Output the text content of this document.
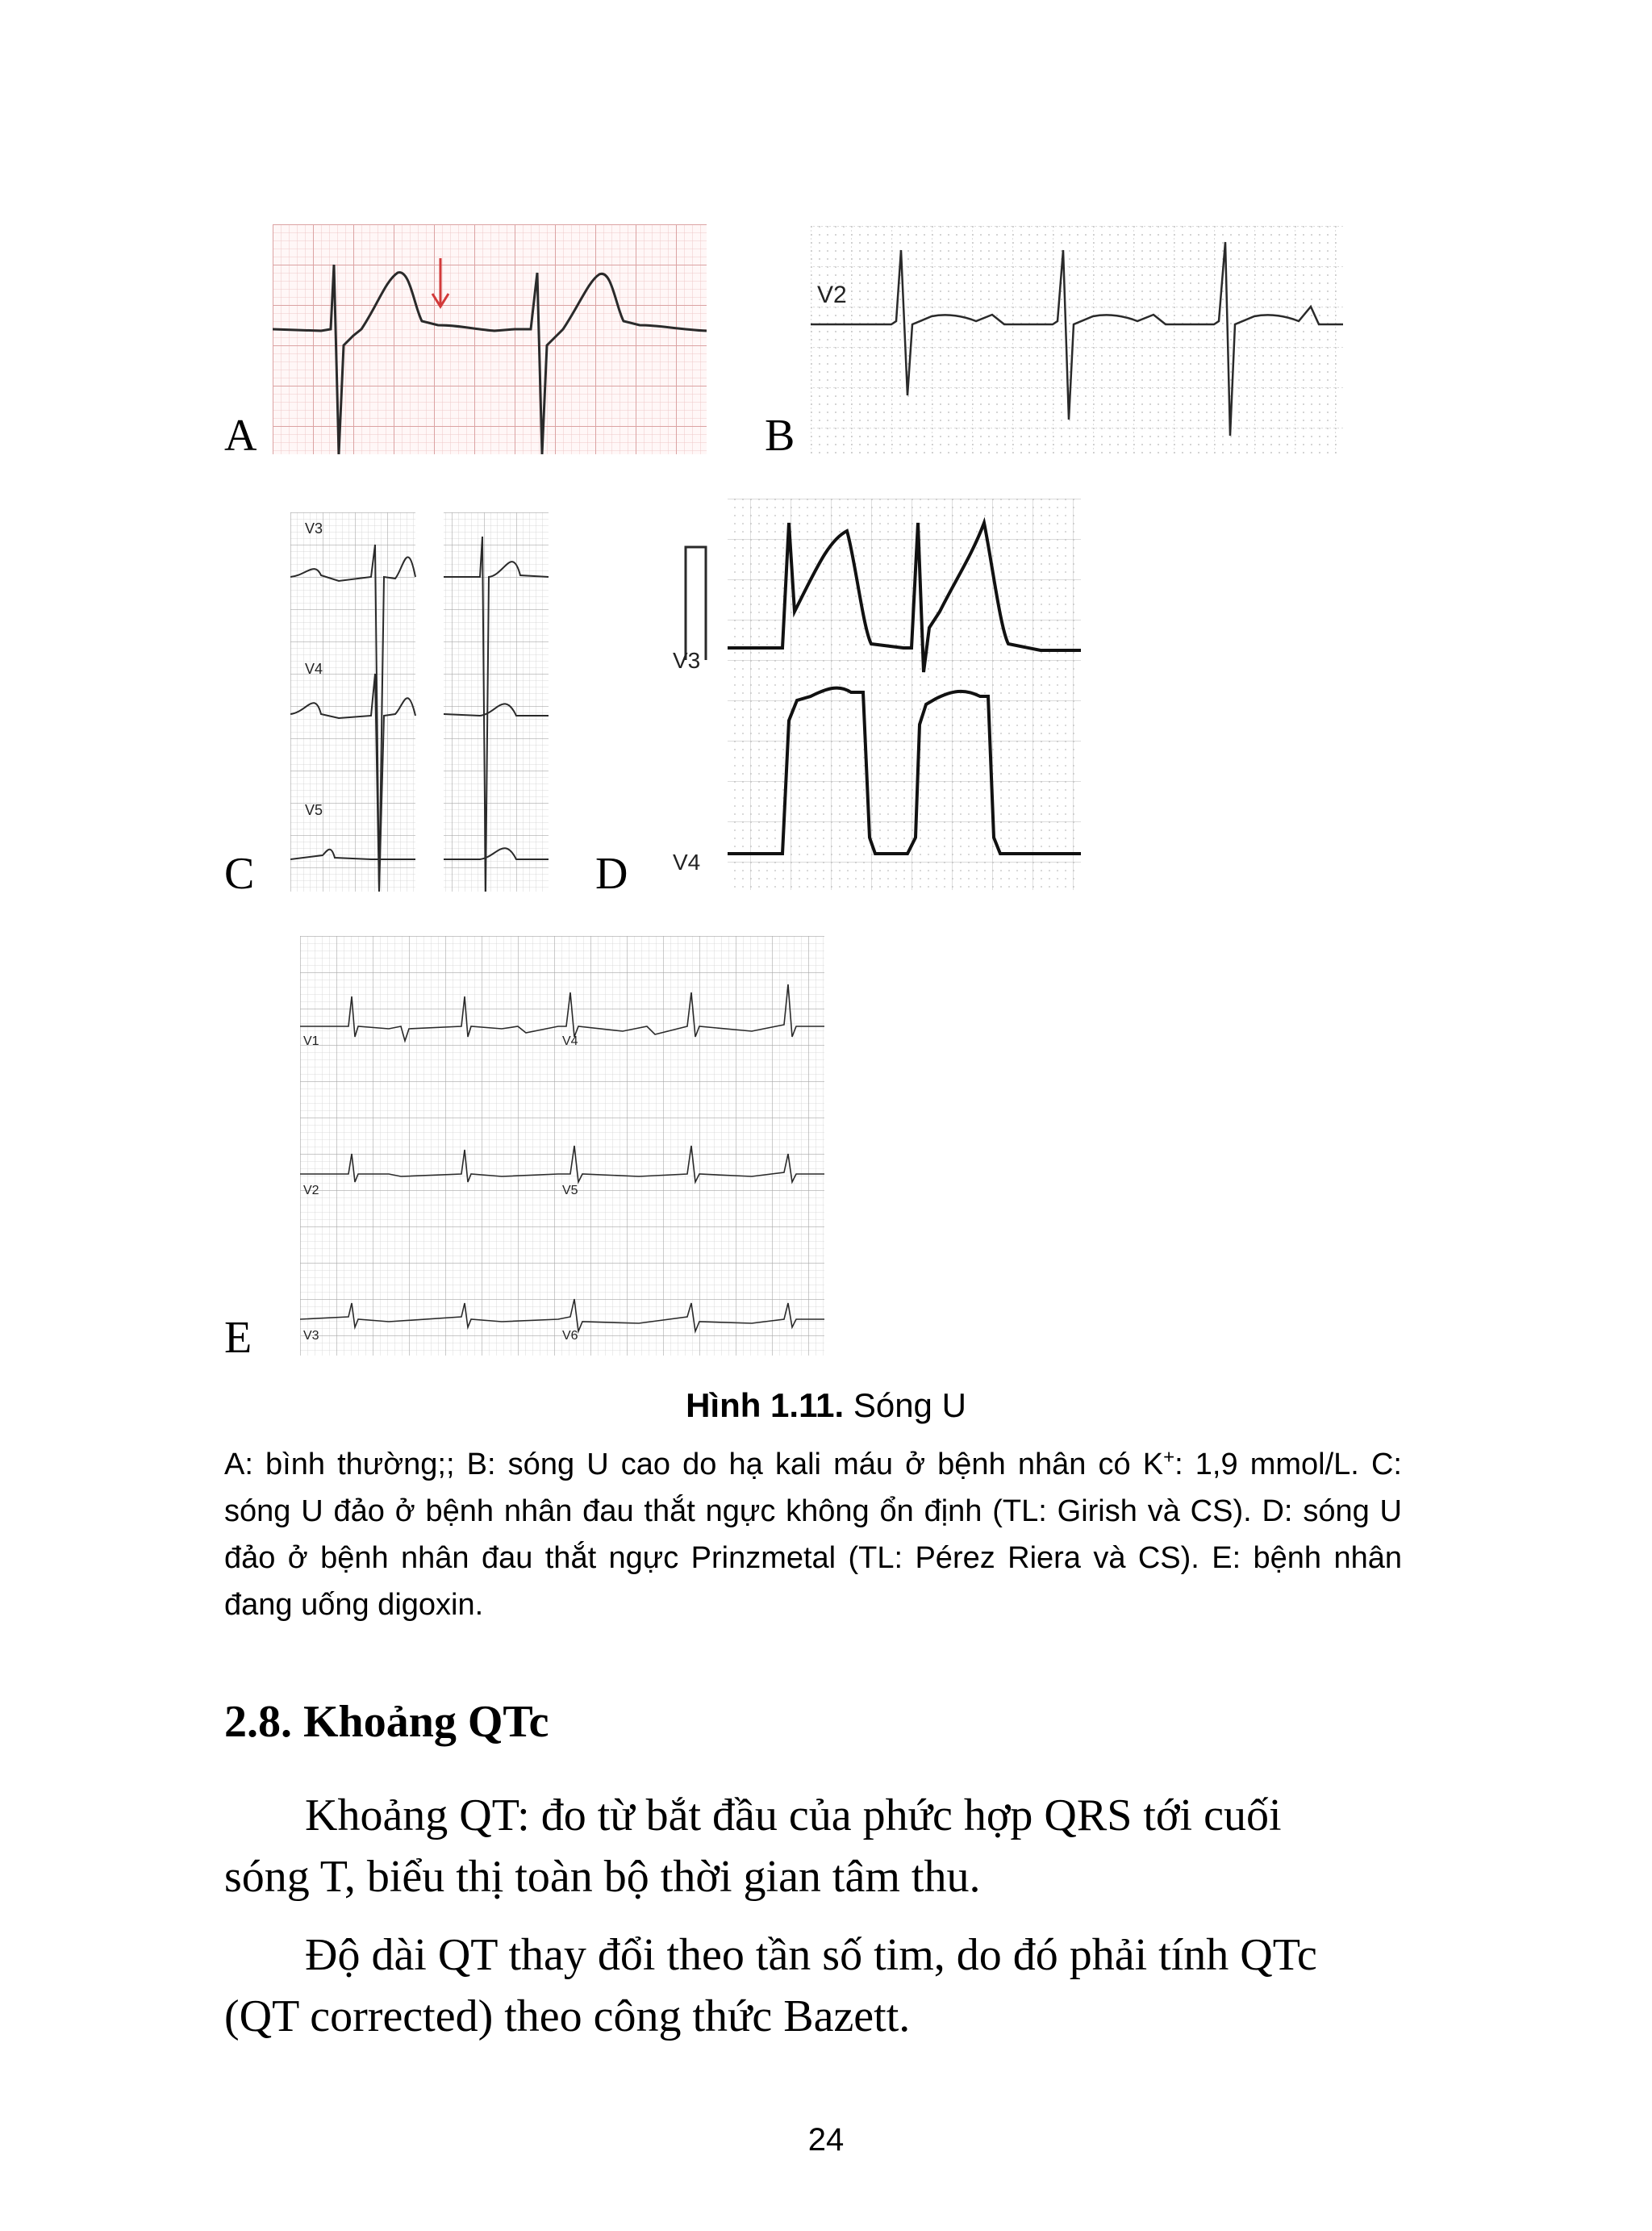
A	B
C	D
E
V2
V3
V4
V5
V3
V4
V1	V4
V2	V5
V3	V6
Hình 1.11. Sóng U
A: bình thường;; B: sóng U cao do hạ kali máu ở bệnh nhân có K+: 1,9 mmol/L. C: sóng U đảo ở bệnh nhân đau thắt ngực không ổn định (TL: Girish và CS). D: sóng U đảo ở bệnh nhân đau thắt ngực Prinzmetal (TL: Pérez Riera và CS). E: bệnh nhân đang uống digoxin.
2.8. Khoảng QTc
Khoảng QT: đo từ bắt đầu của phức hợp QRS tới cuối sóng T, biểu thị toàn bộ thời gian tâm thu.
Độ dài QT thay đổi theo tần số tim, do đó phải tính QTc (QT corrected) theo công thức Bazett.
24
